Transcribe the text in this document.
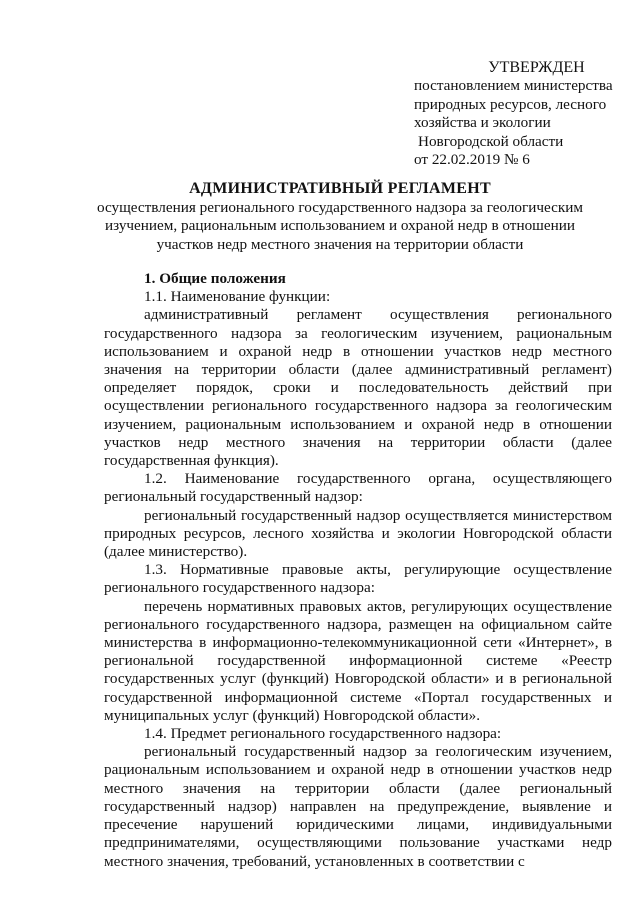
УТВЕРЖДЕН
постановлением министерства
природных ресурсов, лесного
хозяйства и экологии
Новгородской области
от 22.02.2019 № 6
АДМИНИСТРАТИВНЫЙ РЕГЛАМЕНТ
осуществления регионального государственного надзора за геологическим изучением, рациональным использованием и охраной недр в отношении участков недр местного значения на территории области

1. Общие положения

1.1. Наименование функции:

административный регламент осуществления регионального государственного надзора за геологическим изучением, рациональным использованием и охраной недр в отношении участков недр местного значения на территории области (далее административный регламент) определяет порядок, сроки и последовательность действий при осуществлении регионального государственного надзора за геологическим изучением, рациональным использованием и охраной недр в отношении участков недр местного значения на территории области (далее государственная функция).

1.2. Наименование государственного органа, осуществляющего региональный государственный надзор:

региональный государственный надзор осуществляется министерством природных ресурсов, лесного хозяйства и экологии Новгородской области (далее министерство).

1.3. Нормативные правовые акты, регулирующие осуществление регионального государственного надзора:

перечень нормативных правовых актов, регулирующих осуществление регионального государственного надзора, размещен на официальном сайте министерства в информационно-телекоммуникационной сети «Интернет», в региональной государственной информационной системе «Реестр государственных услуг (функций) Новгородской области» и в региональной государственной информационной системе «Портал государственных и муниципальных услуг (функций) Новгородской области».

1.4. Предмет регионального государственного надзора:

региональный государственный надзор за геологическим изучением, рациональным использованием и охраной недр в отношении участков недр местного значения на территории области (далее региональный государственный надзор) направлен на предупреждение, выявление и пресечение нарушений юридическими лицами, индивидуальными предпринимателями, осуществляющими пользование участками недр местного значения, требований, установленных в соответствии с
